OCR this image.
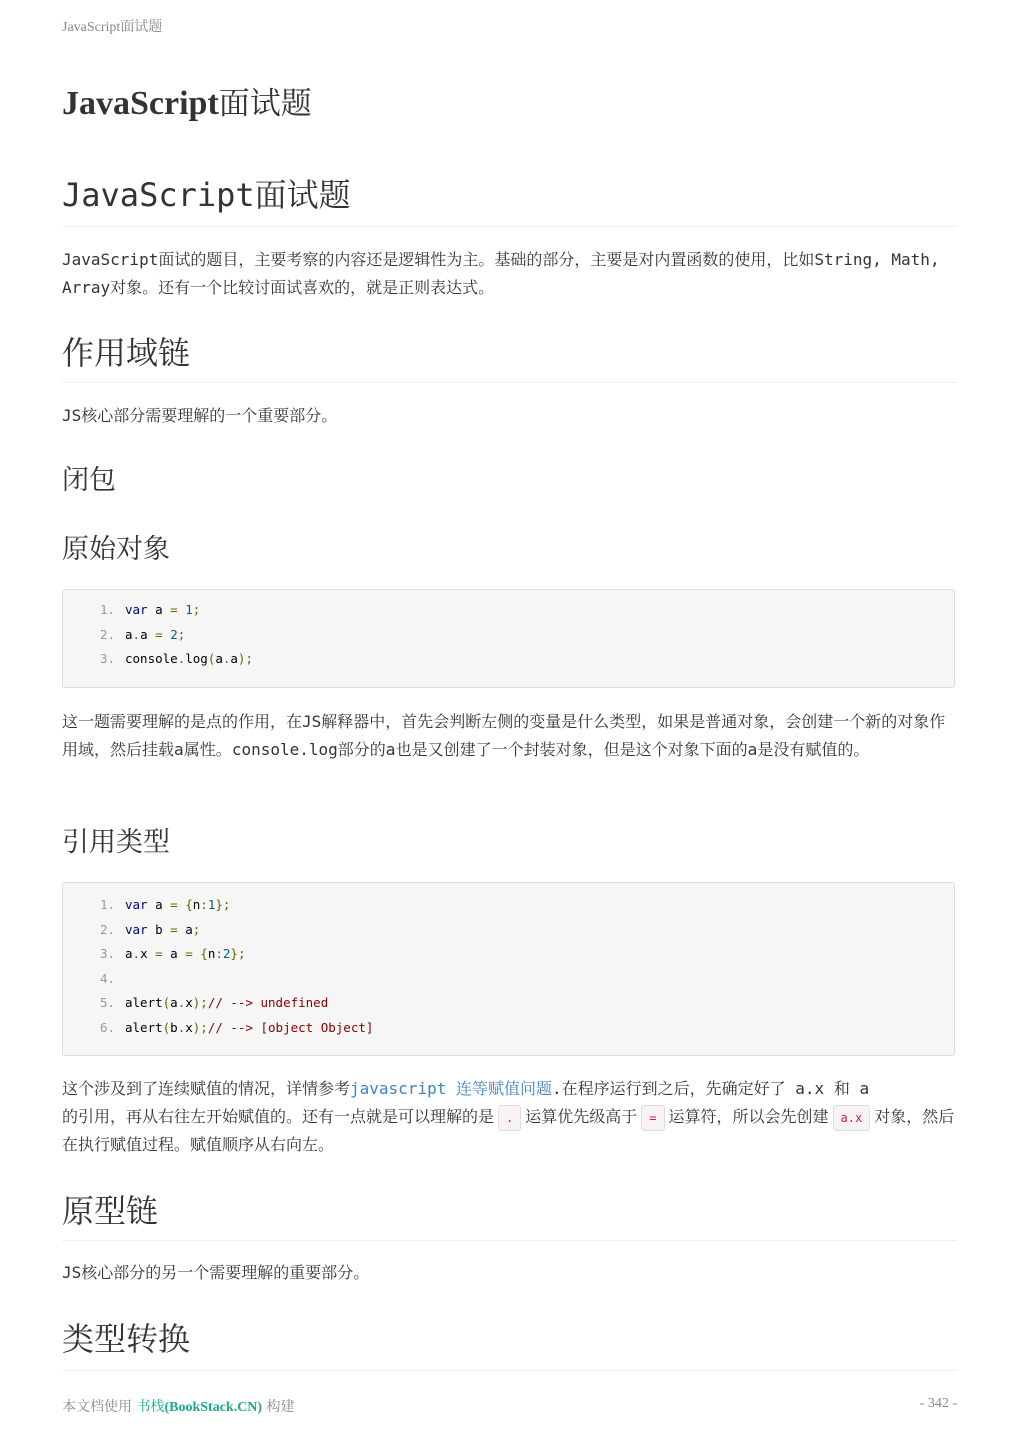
JavaScript面试题
JavaScript面试题
JavaScript面试题

JavaScript面试的题目，主要考察的内容还是逻辑性为主。基础的部分，主要是对内置函数的使用，比如String, Math, Array对象。还有一个比较讨面试喜欢的，就是正则表达式。

作用域链

JS核心部分需要理解的一个重要部分。

闭包
原始对象
1. var a = 1;
2. a.a = 2;
3. console.log(a.a);

这一题需要理解的是点的作用，在JS解释器中，首先会判断左侧的变量是什么类型，如果是普通对象，会创建一个新的对象作用域，然后挂载a属性。console.log部分的a也是又创建了一个封装对象，但是这个对象下面的a是没有赋值的。

引用类型
1. var a = {n:1};
2. var b = a;
3. a.x = a = {n:2};
4.
5. alert(a.x);// --> undefined
6. alert(b.x);// --> [object Object]

这个涉及到了连续赋值的情况，详情参考javascript 连等赋值问题.在程序运行到之后，先确定好了 a.x 和 a
的引用，再从右往左开始赋值的。还有一点就是可以理解的是 . 运算优先级高于 = 运算符，所以会先创建 a.x 对象，然后在执行赋值过程。赋值顺序从右向左。

原型链

JS核心部分的另一个需要理解的重要部分。

类型转换
本文档使用 书栈(BookStack.CN) 构建	- 342 -
